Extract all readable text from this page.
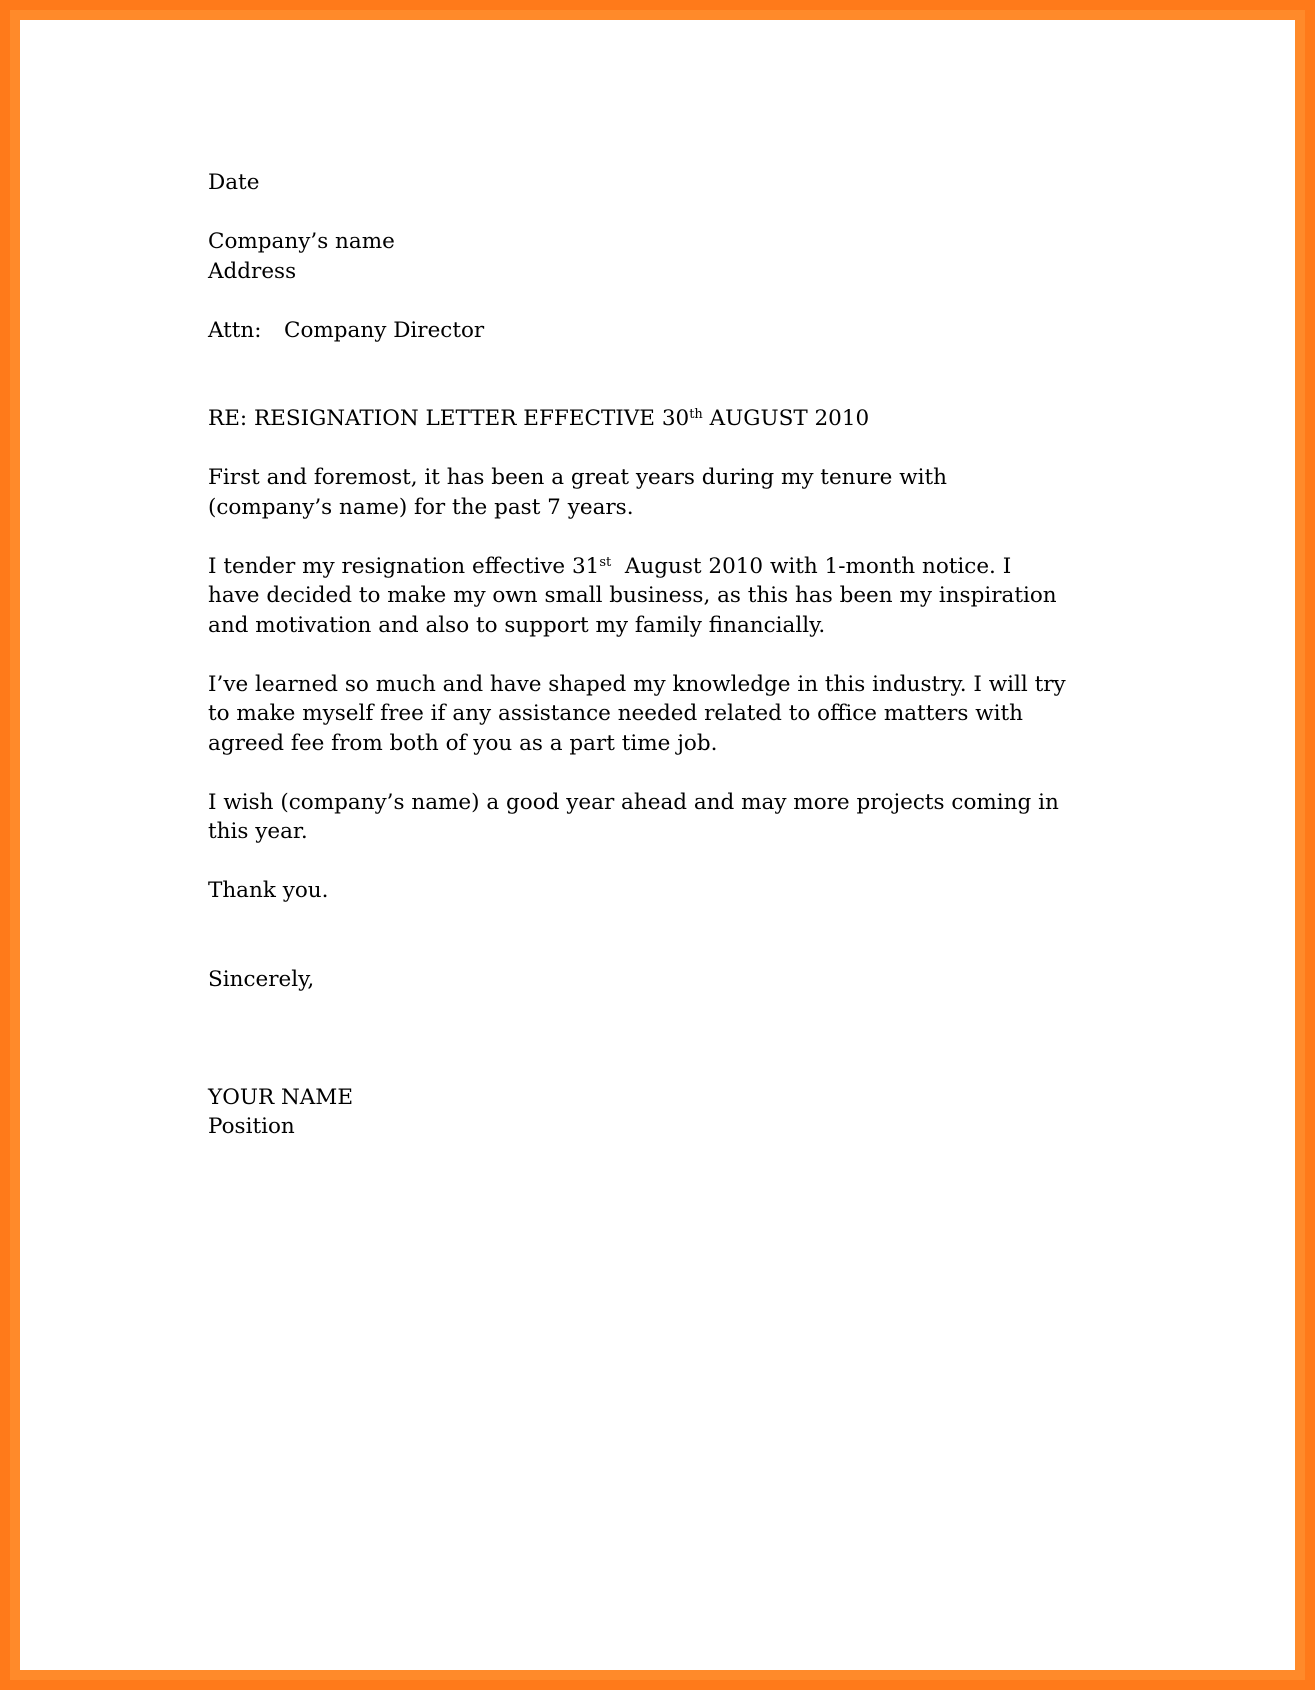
Date

Company’s name

Address

Attn: Company Director

RE: RESIGNATION LETTER EFFECTIVE 30th AUGUST 2010

First and foremost, it has been a great years during my tenure with (company’s name) for the past 7 years.

I tender my resignation effective 31st  August 2010 with 1-month notice. I have decided to make my own small business, as this has been my inspiration and motivation and also to support my family financially.

I’ve learned so much and have shaped my knowledge in this industry. I will try to make myself free if any assistance needed related to office matters with agreed fee from both of you as a part time job.

I wish (company’s name) a good year ahead and may more projects coming in this year.

Thank you.

Sincerely,

YOUR NAME

Position
